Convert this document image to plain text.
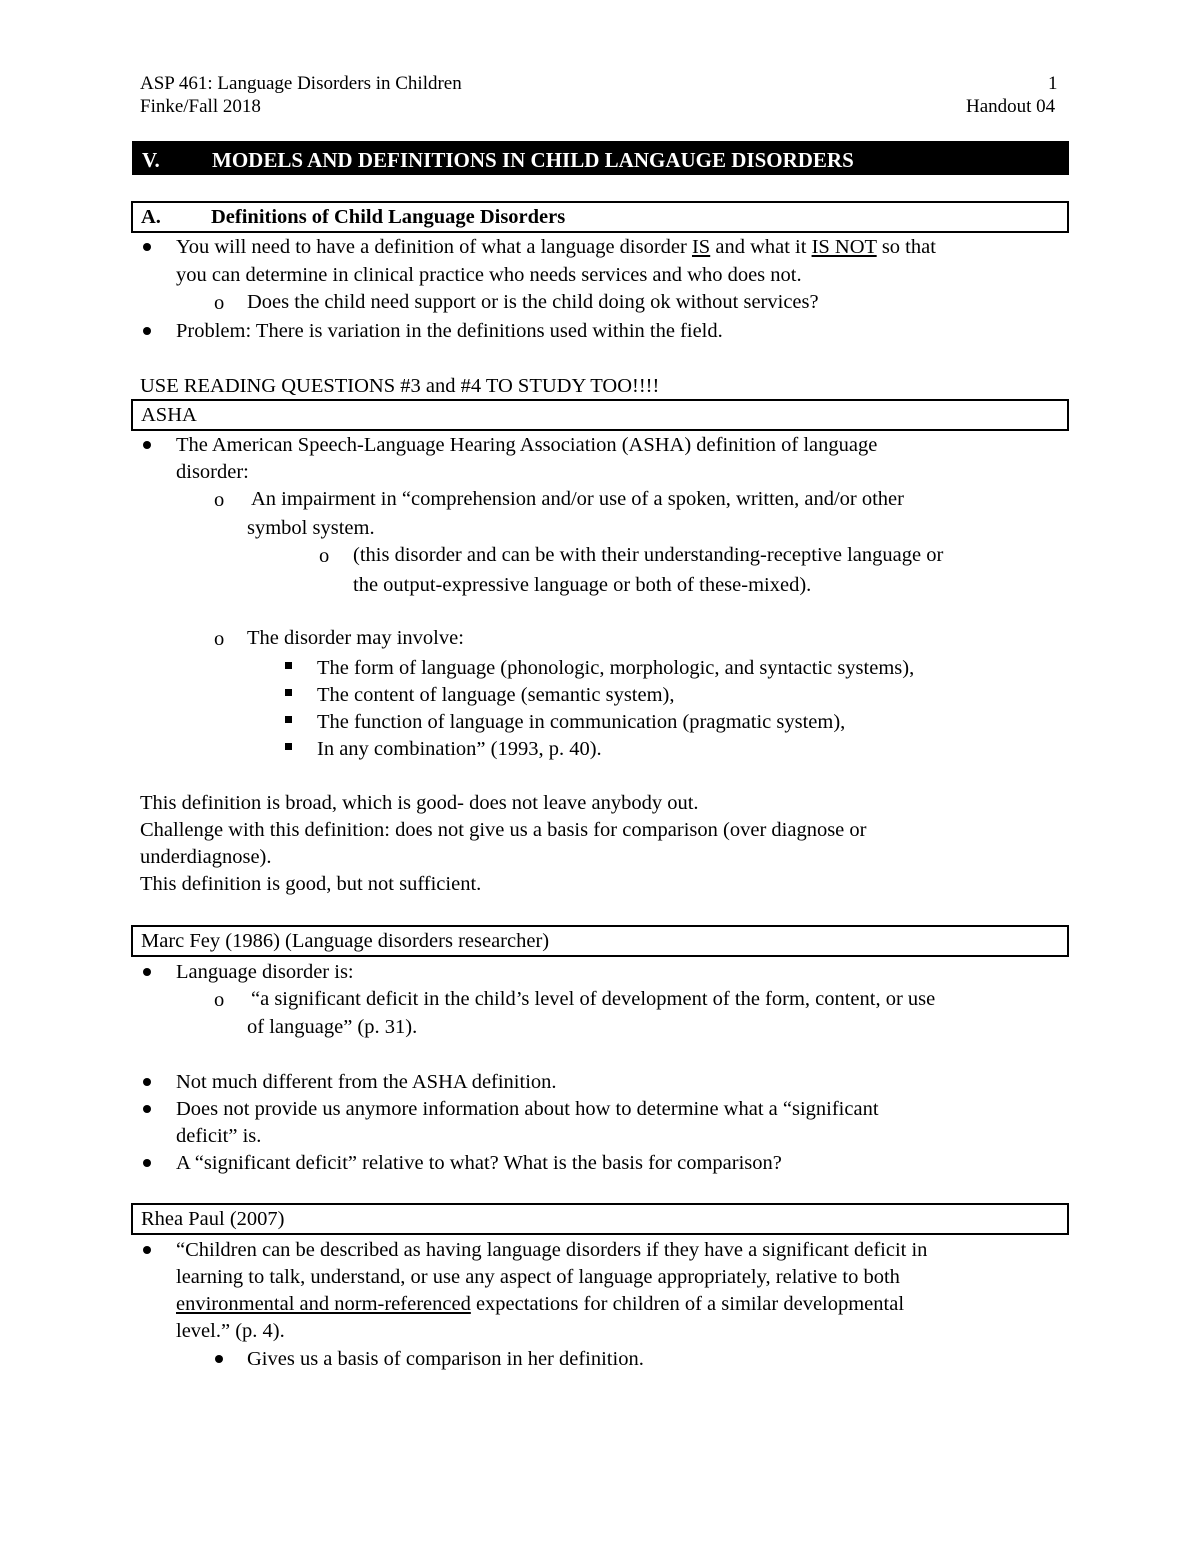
ASP 461: Language Disorders in Children	1
Finke/Fall 2018	Handout 04
V. MODELS AND DEFINITIONS IN CHILD LANGAUGE DISORDERS
A. Definitions of Child Language Disorders
You will need to have a definition of what a language disorder IS and what it IS NOT so that
you can determine in clinical practice who needs services and who does not.
o Does the child need support or is the child doing ok without services?
Problem: There is variation in the definitions used within the field.
USE READING QUESTIONS #3 and #4 TO STUDY TOO!!!!
ASHA
The American Speech-Language Hearing Association (ASHA) definition of language
disorder:
o An impairment in “comprehension and/or use of a spoken, written, and/or other
symbol system.
o (this disorder and can be with their understanding-receptive language or
the output-expressive language or both of these-mixed).
o The disorder may involve:
The form of language (phonologic, morphologic, and syntactic systems),
The content of language (semantic system),
The function of language in communication (pragmatic system),
In any combination” (1993, p. 40).
This definition is broad, which is good- does not leave anybody out.
Challenge with this definition: does not give us a basis for comparison (over diagnose or
underdiagnose).
This definition is good, but not sufficient.
Marc Fey (1986) (Language disorders researcher)
Language disorder is:
o “a significant deficit in the child’s level of development of the form, content, or use
of language” (p. 31).
Not much different from the ASHA definition.
Does not provide us anymore information about how to determine what a “significant
deficit” is.
A “significant deficit” relative to what? What is the basis for comparison?
Rhea Paul (2007)
“Children can be described as having language disorders if they have a significant deficit in
learning to talk, understand, or use any aspect of language appropriately, relative to both
environmental and norm-referenced expectations for children of a similar developmental
level.” (p. 4).
Gives us a basis of comparison in her definition.
